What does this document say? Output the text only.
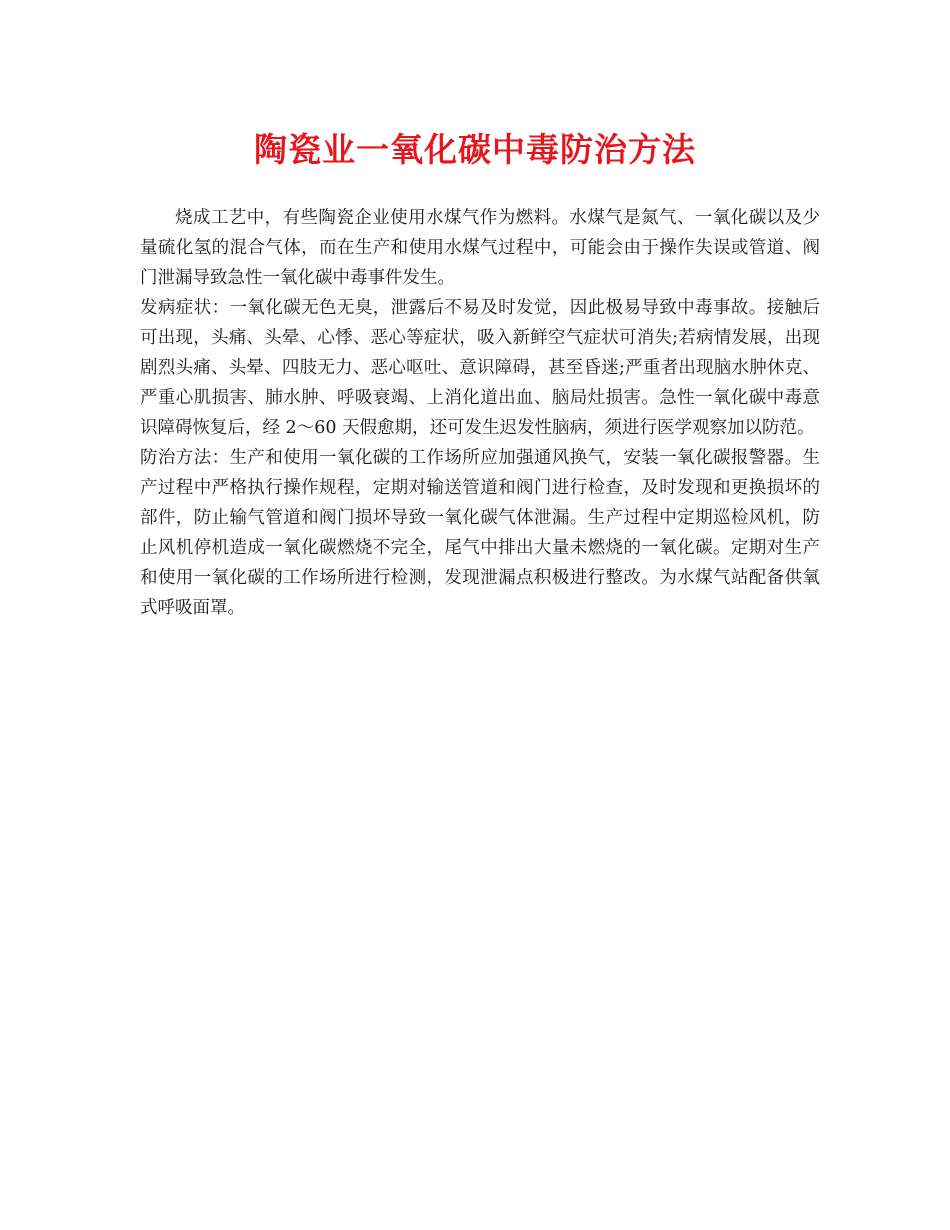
陶瓷业一氧化碳中毒防治方法

烧成工艺中，有些陶瓷企业使用水煤气作为燃料。水煤气是氮气、一氧化碳以及少量硫化氢的混合气体，而在生产和使用水煤气过程中，可能会由于操作失误或管道、阀门泄漏导致急性一氧化碳中毒事件发生。

发病症状：一氧化碳无色无臭，泄露后不易及时发觉，因此极易导致中毒事故。接触后可出现，头痛、头晕、心悸、恶心等症状，吸入新鲜空气症状可消失;若病情发展，出现剧烈头痛、头晕、四肢无力、恶心呕吐、意识障碍，甚至昏迷;严重者出现脑水肿休克、严重心肌损害、肺水肿、呼吸衰竭、上消化道出血、脑局灶损害。急性一氧化碳中毒意识障碍恢复后，经 2～60 天假愈期，还可发生迟发性脑病，须进行医学观察加以防范。

防治方法：生产和使用一氧化碳的工作场所应加强通风换气，安装一氧化碳报警器。生产过程中严格执行操作规程，定期对输送管道和阀门进行检查，及时发现和更换损坏的部件，防止输气管道和阀门损坏导致一氧化碳气体泄漏。生产过程中定期巡检风机，防止风机停机造成一氧化碳燃烧不完全，尾气中排出大量未燃烧的一氧化碳。定期对生产和使用一氧化碳的工作场所进行检测，发现泄漏点积极进行整改。为水煤气站配备供氧式呼吸面罩。
